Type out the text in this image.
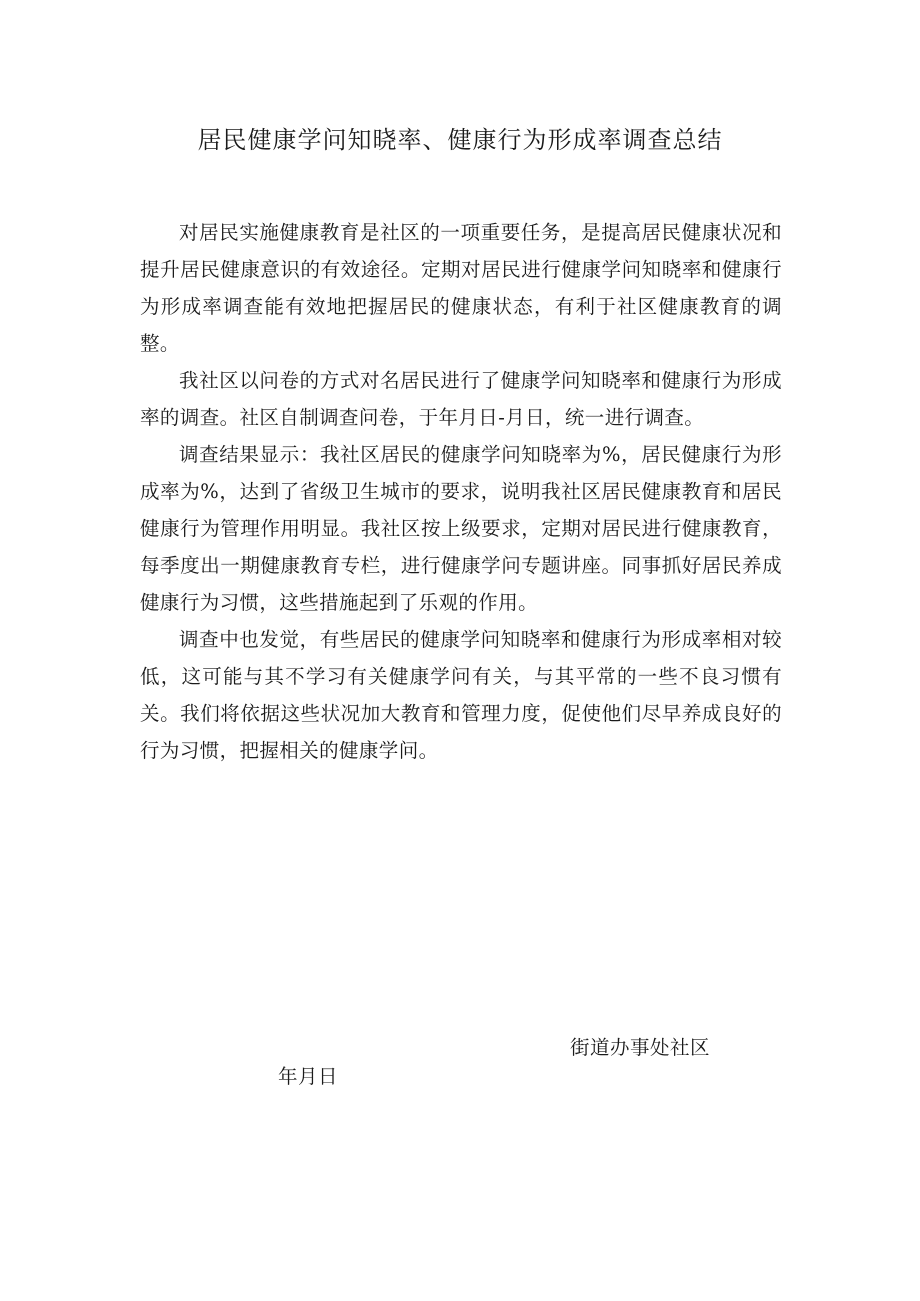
居民健康学问知晓率、健康行为形成率调查总结

对居民实施健康教育是社区的一项重要任务，是提高居民健康状况和提升居民健康意识的有效途径。定期对居民进行健康学问知晓率和健康行为形成率调查能有效地把握居民的健康状态，有利于社区健康教育的调整。

我社区以问卷的方式对名居民进行了健康学问知晓率和健康行为形成率的调查。社区自制调查问卷，于年月日-月日，统一进行调查。

调查结果显示：我社区居民的健康学问知晓率为%，居民健康行为形成率为%，达到了省级卫生城市的要求，说明我社区居民健康教育和居民健康行为管理作用明显。我社区按上级要求，定期对居民进行健康教育，每季度出一期健康教育专栏，进行健康学问专题讲座。同事抓好居民养成健康行为习惯，这些措施起到了乐观的作用。

调查中也发觉，有些居民的健康学问知晓率和健康行为形成率相对较低，这可能与其不学习有关健康学问有关，与其平常的一些不良习惯有关。我们将依据这些状况加大教育和管理力度，促使他们尽早养成良好的行为习惯，把握相关的健康学问。

街道办事处社区
年月日
